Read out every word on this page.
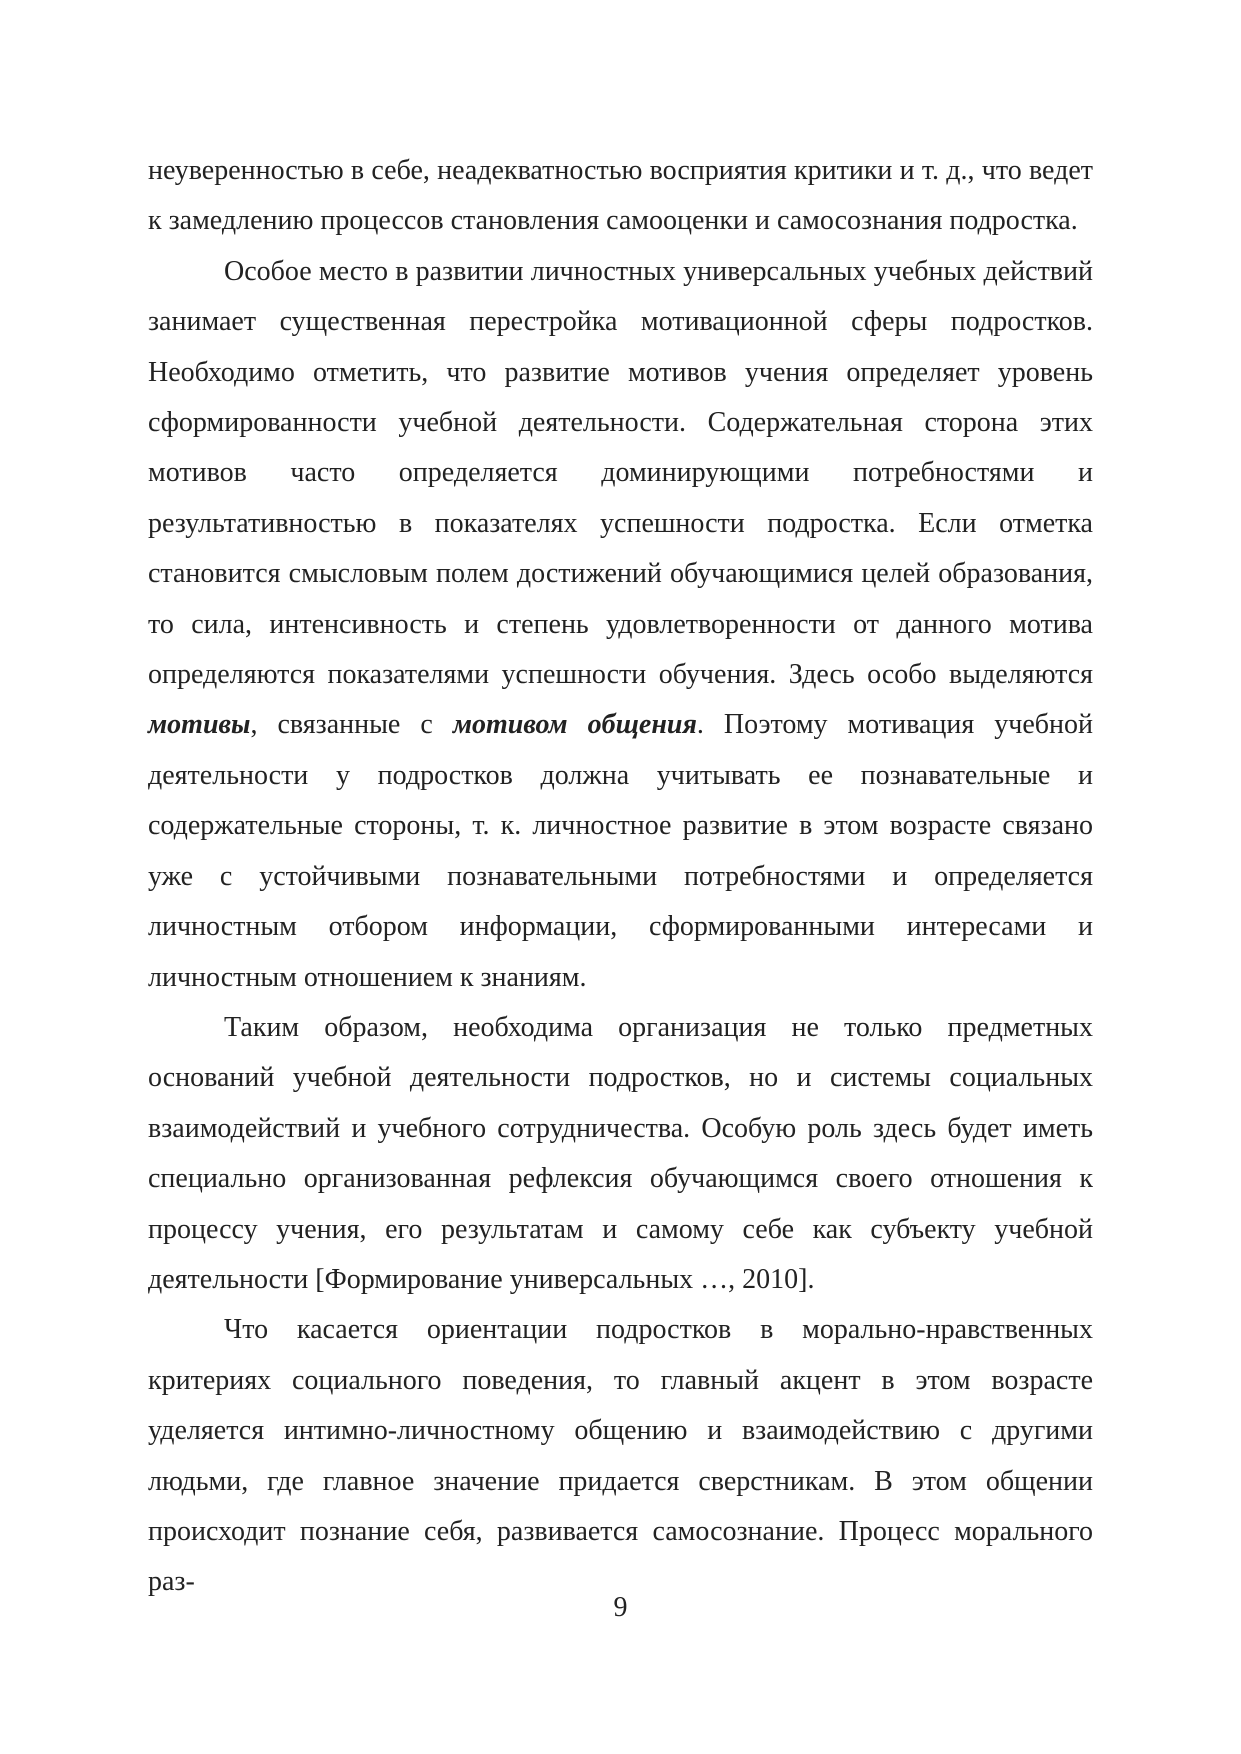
неуверенностью в себе, неадекватностью восприятия критики и т. д., что ведет к замедлению процессов становления самооценки и самосознания подростка.

Особое место в развитии личностных универсальных учебных действий занимает существенная перестройка мотивационной сферы подростков. Необходимо отметить, что развитие мотивов учения определяет уровень сформированности учебной деятельности. Содержательная сторона этих мотивов часто определяется доминирующими потребностями и результативностью в показателях успешности подростка. Если отметка становится смысловым полем достижений обучающимися целей образования, то сила, интенсивность и степень удовлетворенности от данного мотива определяются показателями успешности обучения. Здесь особо выделяются мотивы, связанные с мотивом общения. Поэтому мотивация учебной деятельности у подростков должна учитывать ее познавательные и содержательные стороны, т. к. личностное развитие в этом возрасте связано уже с устойчивыми познавательными потребностями и определяется личностным отбором информации, сформированными интересами и личностным отношением к знаниям.

Таким образом, необходима организация не только предметных оснований учебной деятельности подростков, но и системы социальных взаимодействий и учебного сотрудничества. Особую роль здесь будет иметь специально организованная рефлексия обучающимся своего отношения к процессу учения, его результатам и самому себе как субъекту учебной деятельности [Формирование универсальных …, 2010].

Что касается ориентации подростков в морально-нравственных критериях социального поведения, то главный акцент в этом возрасте уделяется интимно-личностному общению и взаимодействию с другими людьми, где главное значение придается сверстникам. В этом общении происходит познание себя, развивается самосознание. Процесс морального раз-

9
